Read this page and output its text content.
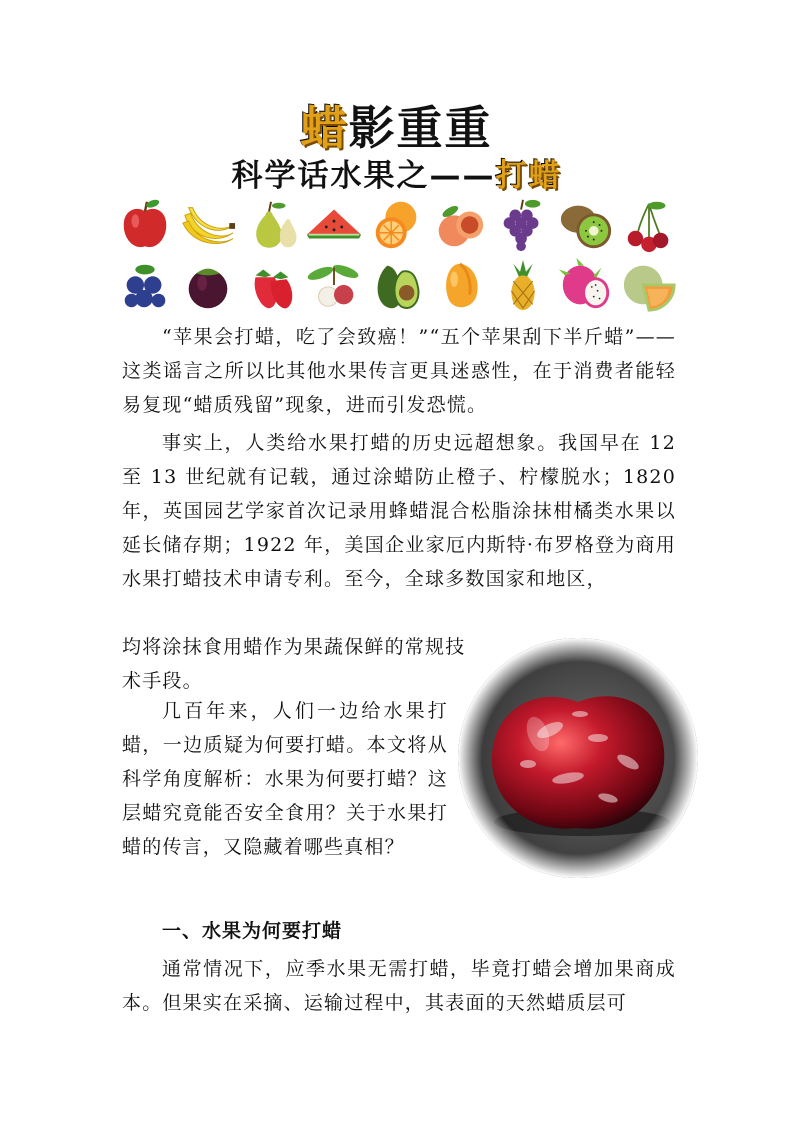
蜡影重重
科学话水果之——打蜡

“苹果会打蜡，吃了会致癌！”“五个苹果刮下半斤蜡”——这类谣言之所以比其他水果传言更具迷惑性，在于消费者能轻易复现“蜡质残留”现象，进而引发恐慌。

事实上，人类给水果打蜡的历史远超想象。我国早在 12 至 13 世纪就有记载，通过涂蜡防止橙子、柠檬脱水；1820 年，英国园艺学家首次记录用蜂蜡混合松脂涂抹柑橘类水果以延长储存期；1922 年，美国企业家厄内斯特·布罗格登为商用水果打蜡技术申请专利。至今，全球多数国家和地区，

均将涂抹食用蜡作为果蔬保鲜的常规技

术手段。

几百年来，人们一边给水果打蜡，一边质疑为何要打蜡。本文将从科学角度解析：水果为何要打蜡？这层蜡究竟能否安全食用？关于水果打蜡的传言，又隐藏着哪些真相？

一、水果为何要打蜡

通常情况下，应季水果无需打蜡，毕竟打蜡会增加果商成本。但果实在采摘、运输过程中，其表面的天然蜡质层可
